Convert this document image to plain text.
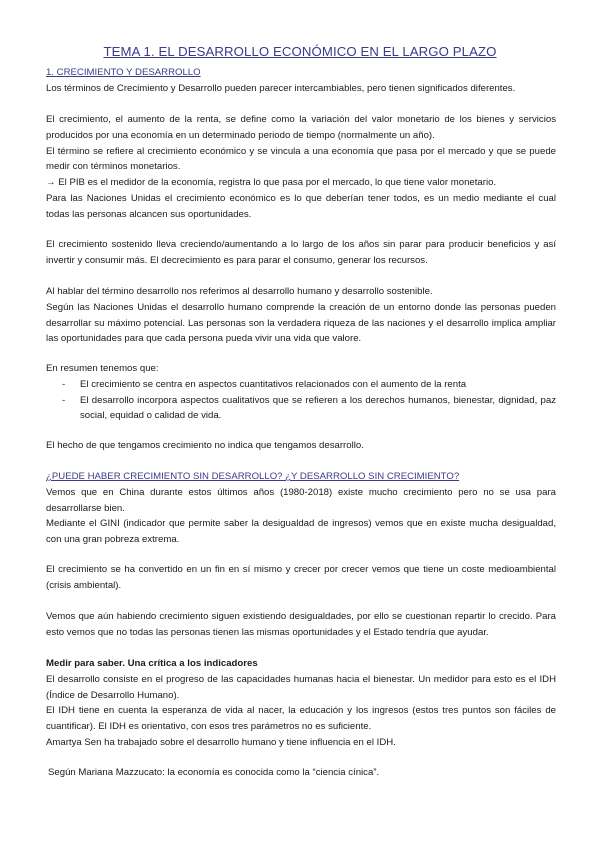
TEMA 1. EL DESARROLLO ECONÓMICO EN EL LARGO PLAZO
1. CRECIMIENTO Y DESARROLLO

Los términos de Crecimiento y Desarrollo pueden parecer intercambiables, pero tienen significados diferentes.

El crecimiento, el aumento de la renta, se define como la variación del valor monetario de los bienes y servicios producidos por una economía en un determinado periodo de tiempo (normalmente un año).

El término se refiere al crecimiento económico y se vincula a una economía que pasa por el mercado y que se puede medir con términos monetarios.

→ El PIB es el medidor de la economía, registra lo que pasa por el mercado, lo que tiene valor monetario.

Para las Naciones Unidas el crecimiento económico es lo que deberían tener todos, es un medio mediante el cual todas las personas alcancen sus oportunidades.

El crecimiento sostenido lleva creciendo/aumentando a lo largo de los años sin parar para producir beneficios y así invertir y consumir más. El decrecimiento es para parar el consumo, generar los recursos.

Al hablar del término desarrollo nos referimos al desarrollo humano y desarrollo sostenible.

Según las Naciones Unidas el desarrollo humano comprende la creación de un entorno donde las personas pueden desarrollar su máximo potencial. Las personas son la verdadera riqueza de las naciones y el desarrollo implica ampliar las oportunidades para que cada persona pueda vivir una vida que valore.

En resumen tenemos que:

- El crecimiento se centra en aspectos cuantitativos relacionados con el aumento de la renta
- El desarrollo incorpora aspectos cualitativos que se refieren a los derechos humanos, bienestar, dignidad, paz social, equidad o calidad de vida.

El hecho de que tengamos crecimiento no indica que tengamos desarrollo.

¿PUEDE HABER CRECIMIENTO SIN DESARROLLO? ¿Y DESARROLLO SIN CRECIMIENTO?

Vemos que en China durante estos últimos años (1980-2018) existe mucho crecimiento pero no se usa para desarrollarse bien.

Mediante el GINI (indicador que permite saber la desigualdad de ingresos) vemos que en existe mucha desigualdad, con una gran pobreza extrema.

El crecimiento se ha convertido en un fin en sí mismo y crecer por crecer vemos que tiene un coste medioambiental (crisis ambiental).

Vemos que aún habiendo crecimiento siguen existiendo desigualdades, por ello se cuestionan repartir lo crecido. Para esto vemos que no todas las personas tienen las mismas oportunidades y el Estado tendría que ayudar.

Medir para saber. Una crítica a los indicadores

El desarrollo consiste en el progreso de las capacidades humanas hacia el bienestar. Un medidor para esto es el IDH (Índice de Desarrollo Humano).

El IDH tiene en cuenta la esperanza de vida al nacer, la educación y los ingresos (estos tres puntos son fáciles de cuantificar). El IDH es orientativo, con esos tres parámetros no es suficiente.

Amartya Sen ha trabajado sobre el desarrollo humano y tiene influencia en el IDH.

Según Mariana Mazzucato: la economía es conocida como la “ciencia cínica”.
